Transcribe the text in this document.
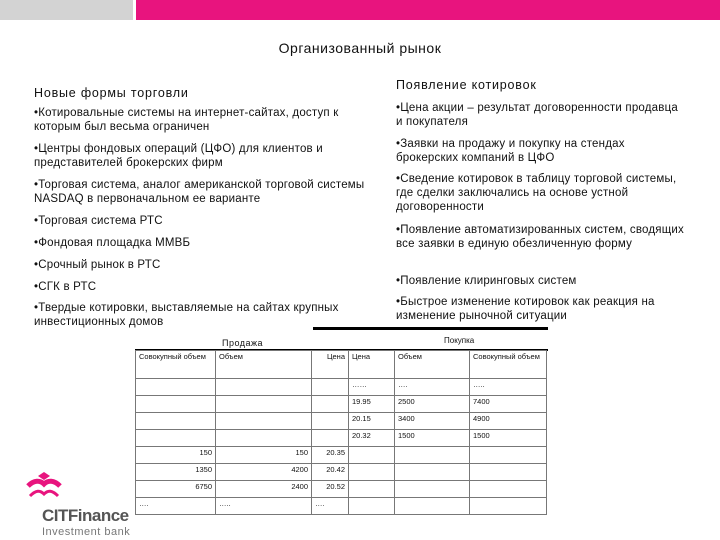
Организованный рынок
Новые формы торговли
•Котировальные системы на интернет-сайтах, доступ к которым был весьма ограничен
•Центры фондовых операций (ЦФО) для клиентов и представителей брокерских фирм
•Торговая система, аналог американской торговой системы NASDAQ в первоначальном ее варианте
•Торговая система РТС
•Фондовая площадка ММВБ
•Срочный рынок в РТС
•СГК в РТС
•Твердые котировки, выставляемые на сайтах крупных инвестиционных домов
Появление котировок
•Цена акции – результат договоренности продавца и покупателя
•Заявки на продажу и покупку на стендах брокерских компаний в ЦФО
•Сведение котировок в таблицу торговой системы, где сделки заключались на основе устной договоренности
•Появление автоматизированных систем, сводящих все заявки в единую обезличенную форму
•Появление клиринговых систем
•Быстрое изменение котировок как реакция на изменение рыночной ситуации
Продажа	Покупка
Совокупный объем	Объем	Цена	Цена	Объем	Совокупный объем
			……	….	…..
			19.95	2500	7400
			20.15	3400	4900
			20.32	1500	1500
150	150	20.35			
1350	4200	20.42			
6750	2400	20.52			
….	…..	….			
CITFinance
Investment bank
